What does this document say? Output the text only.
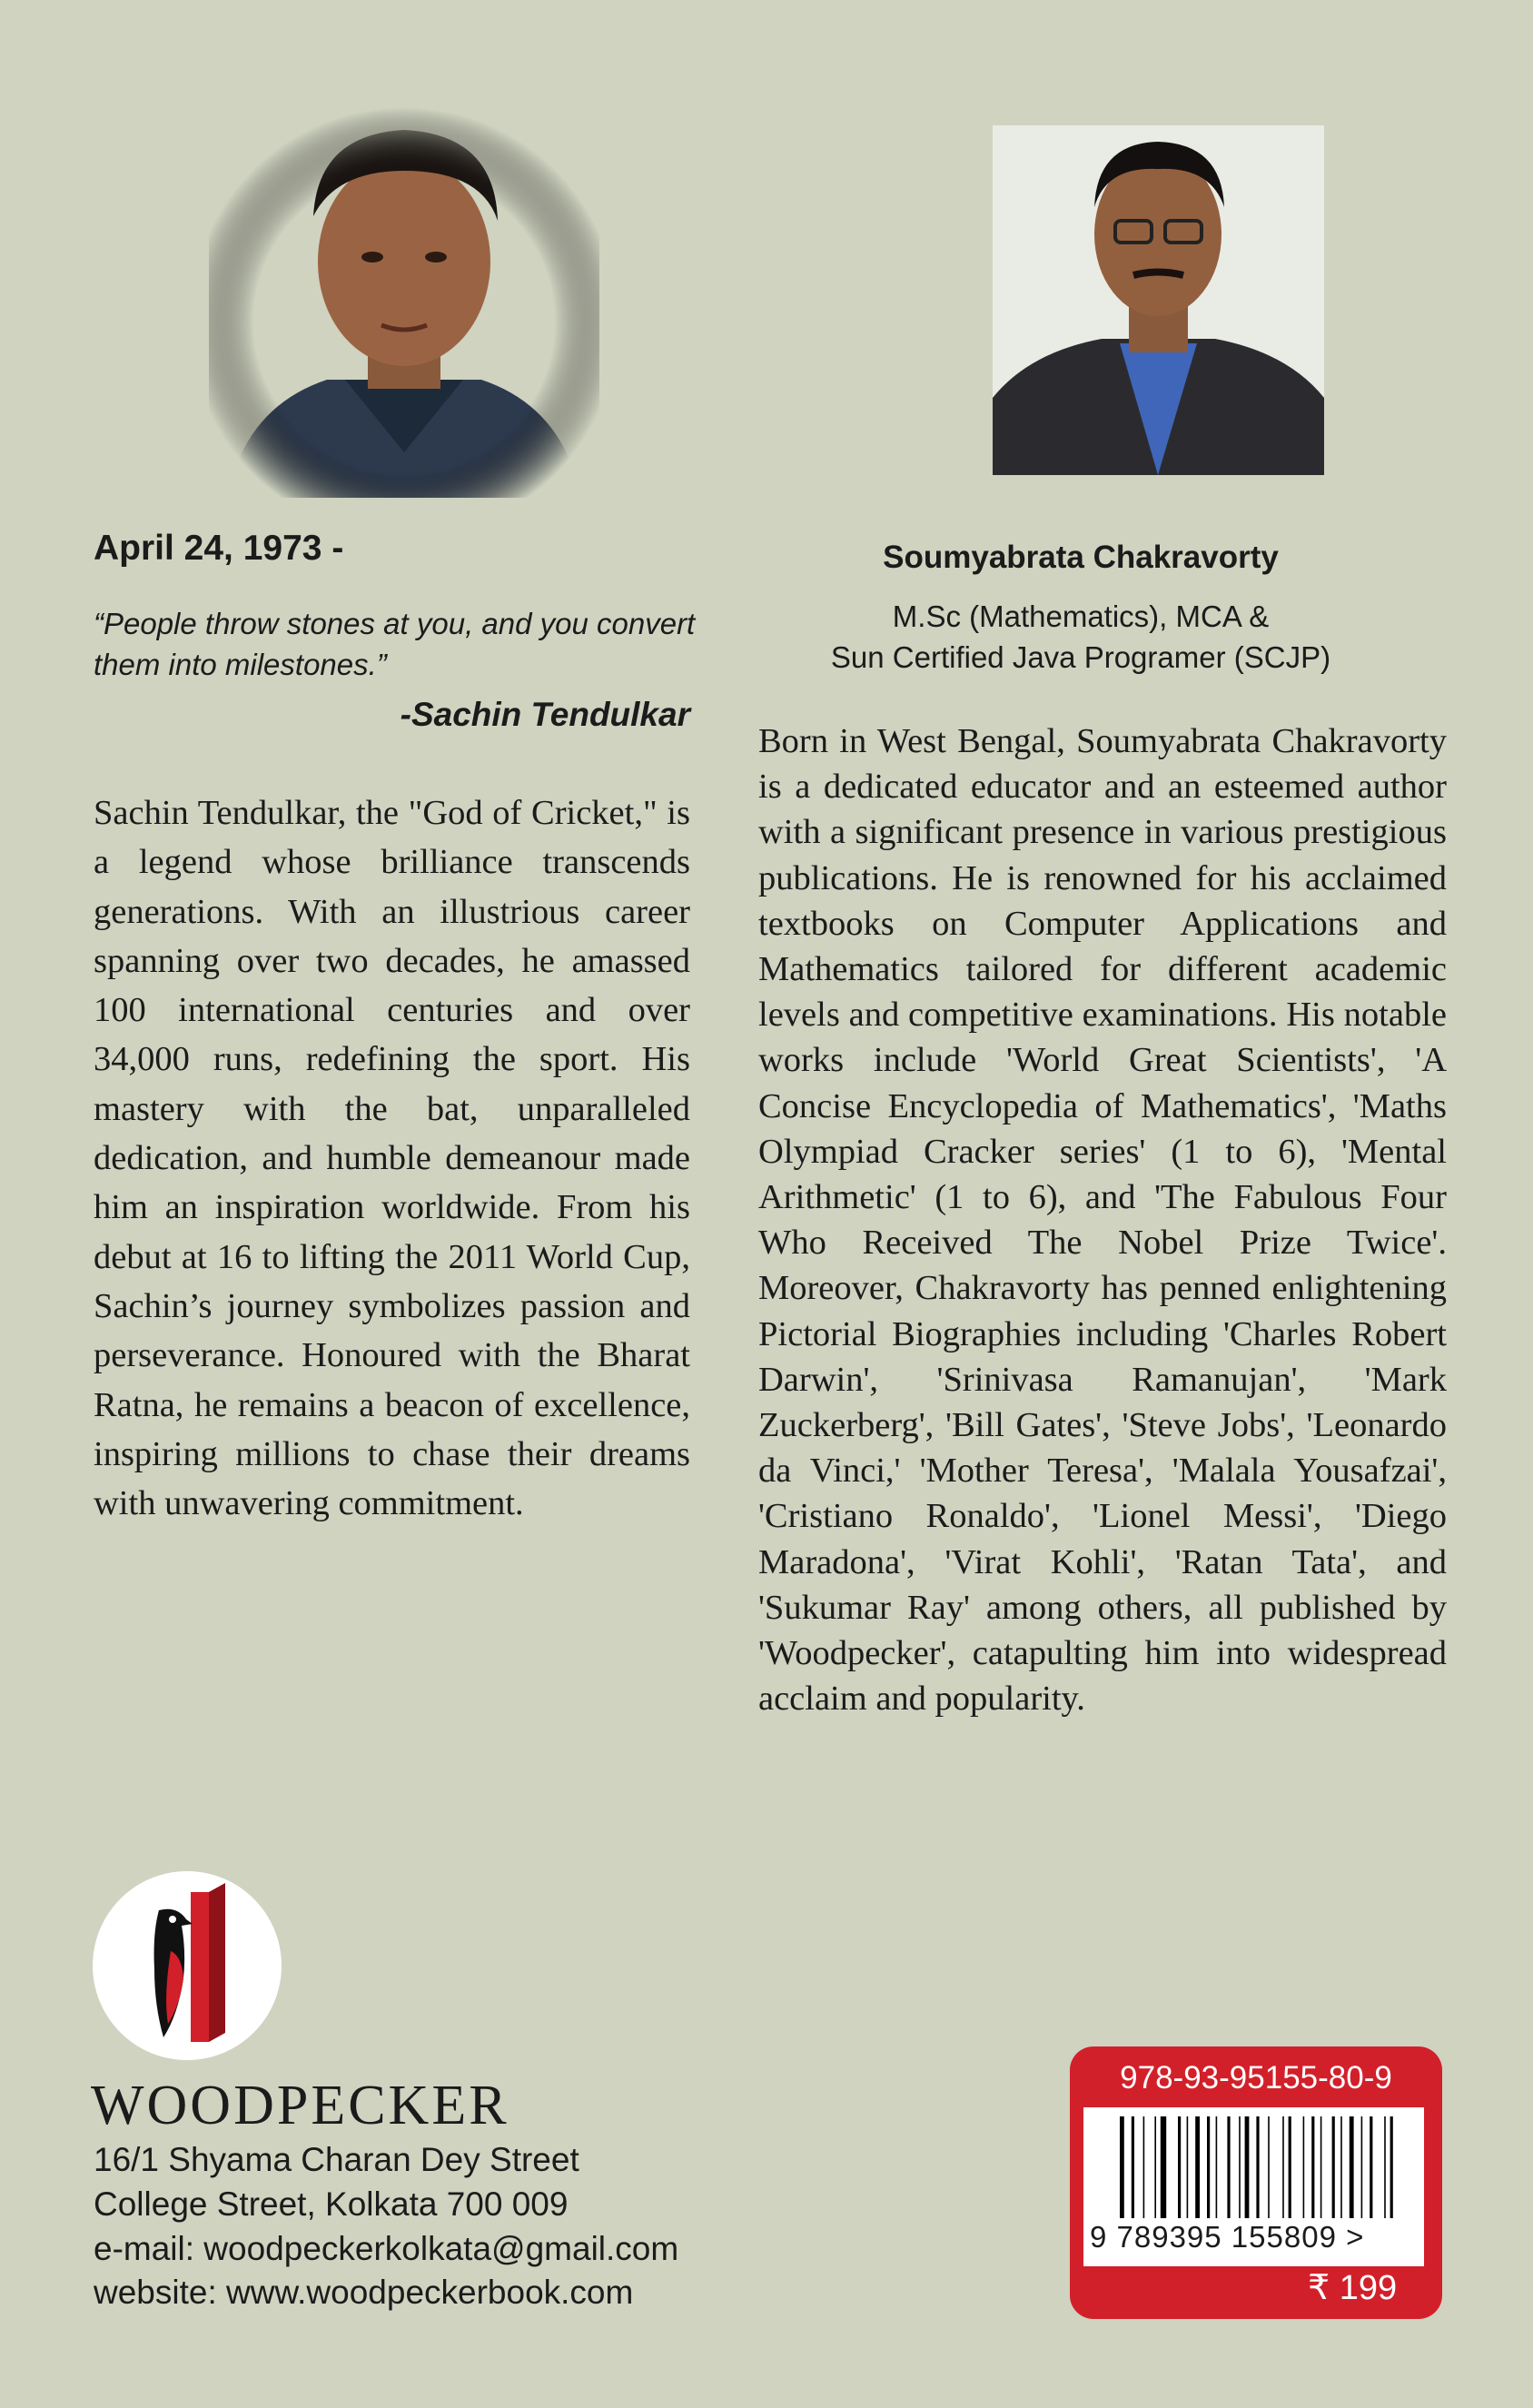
April 24, 1973 -
“People throw stones at you, and you convert them into milestones.”
-Sachin Tendulkar
Sachin Tendulkar, the "God of Cricket," is a legend whose brilliance transcends generations. With an illustrious career spanning over two decades, he amassed 100 international centuries and over 34,000 runs, redefining the sport. His mastery with the bat, unparalleled dedication, and humble demeanour made him an inspiration worldwide. From his debut at 16 to lifting the 2011 World Cup, Sachin’s journey symbolizes passion and perseverance. Honoured with the Bharat Ratna, he remains a beacon of excellence, inspiring millions to chase their dreams with unwavering commitment.
Soumyabrata Chakravorty
M.Sc (Mathematics), MCA &
Sun Certified Java Programer (SCJP)
Born in West Bengal, Soumyabrata Chakravorty is a dedicated educator and an esteemed author with a significant presence in various prestigious publications. He is renowned for his acclaimed textbooks on Computer Applications and Mathematics tailored for different academic levels and competitive examinations. His notable works include 'World Great Scientists', 'A Concise Encyclopedia of Mathematics', 'Maths Olympiad Cracker series' (1 to 6), 'Mental Arithmetic' (1 to 6), and 'The Fabulous Four Who Received The Nobel Prize Twice'. Moreover, Chakravorty has penned enlightening Pictorial Biographies including 'Charles Robert Darwin', 'Srinivasa Ramanujan', 'Mark Zuckerberg', 'Bill Gates', 'Steve Jobs', 'Leonardo da Vinci,' 'Mother Teresa', 'Malala Yousafzai', 'Cristiano Ronaldo', 'Lionel Messi', 'Diego Maradona', 'Virat Kohli', 'Ratan Tata', and 'Sukumar Ray' among others, all published by 'Woodpecker', catapulting him into widespread acclaim and popularity.
WOODPECKER
16/1 Shyama Charan Dey Street
College Street, Kolkata 700 009
e-mail: woodpeckerkolkata@gmail.com
website: www.woodpeckerbook.com
978-93-95155-80-9
9 789395 155809 >
₹ 199
